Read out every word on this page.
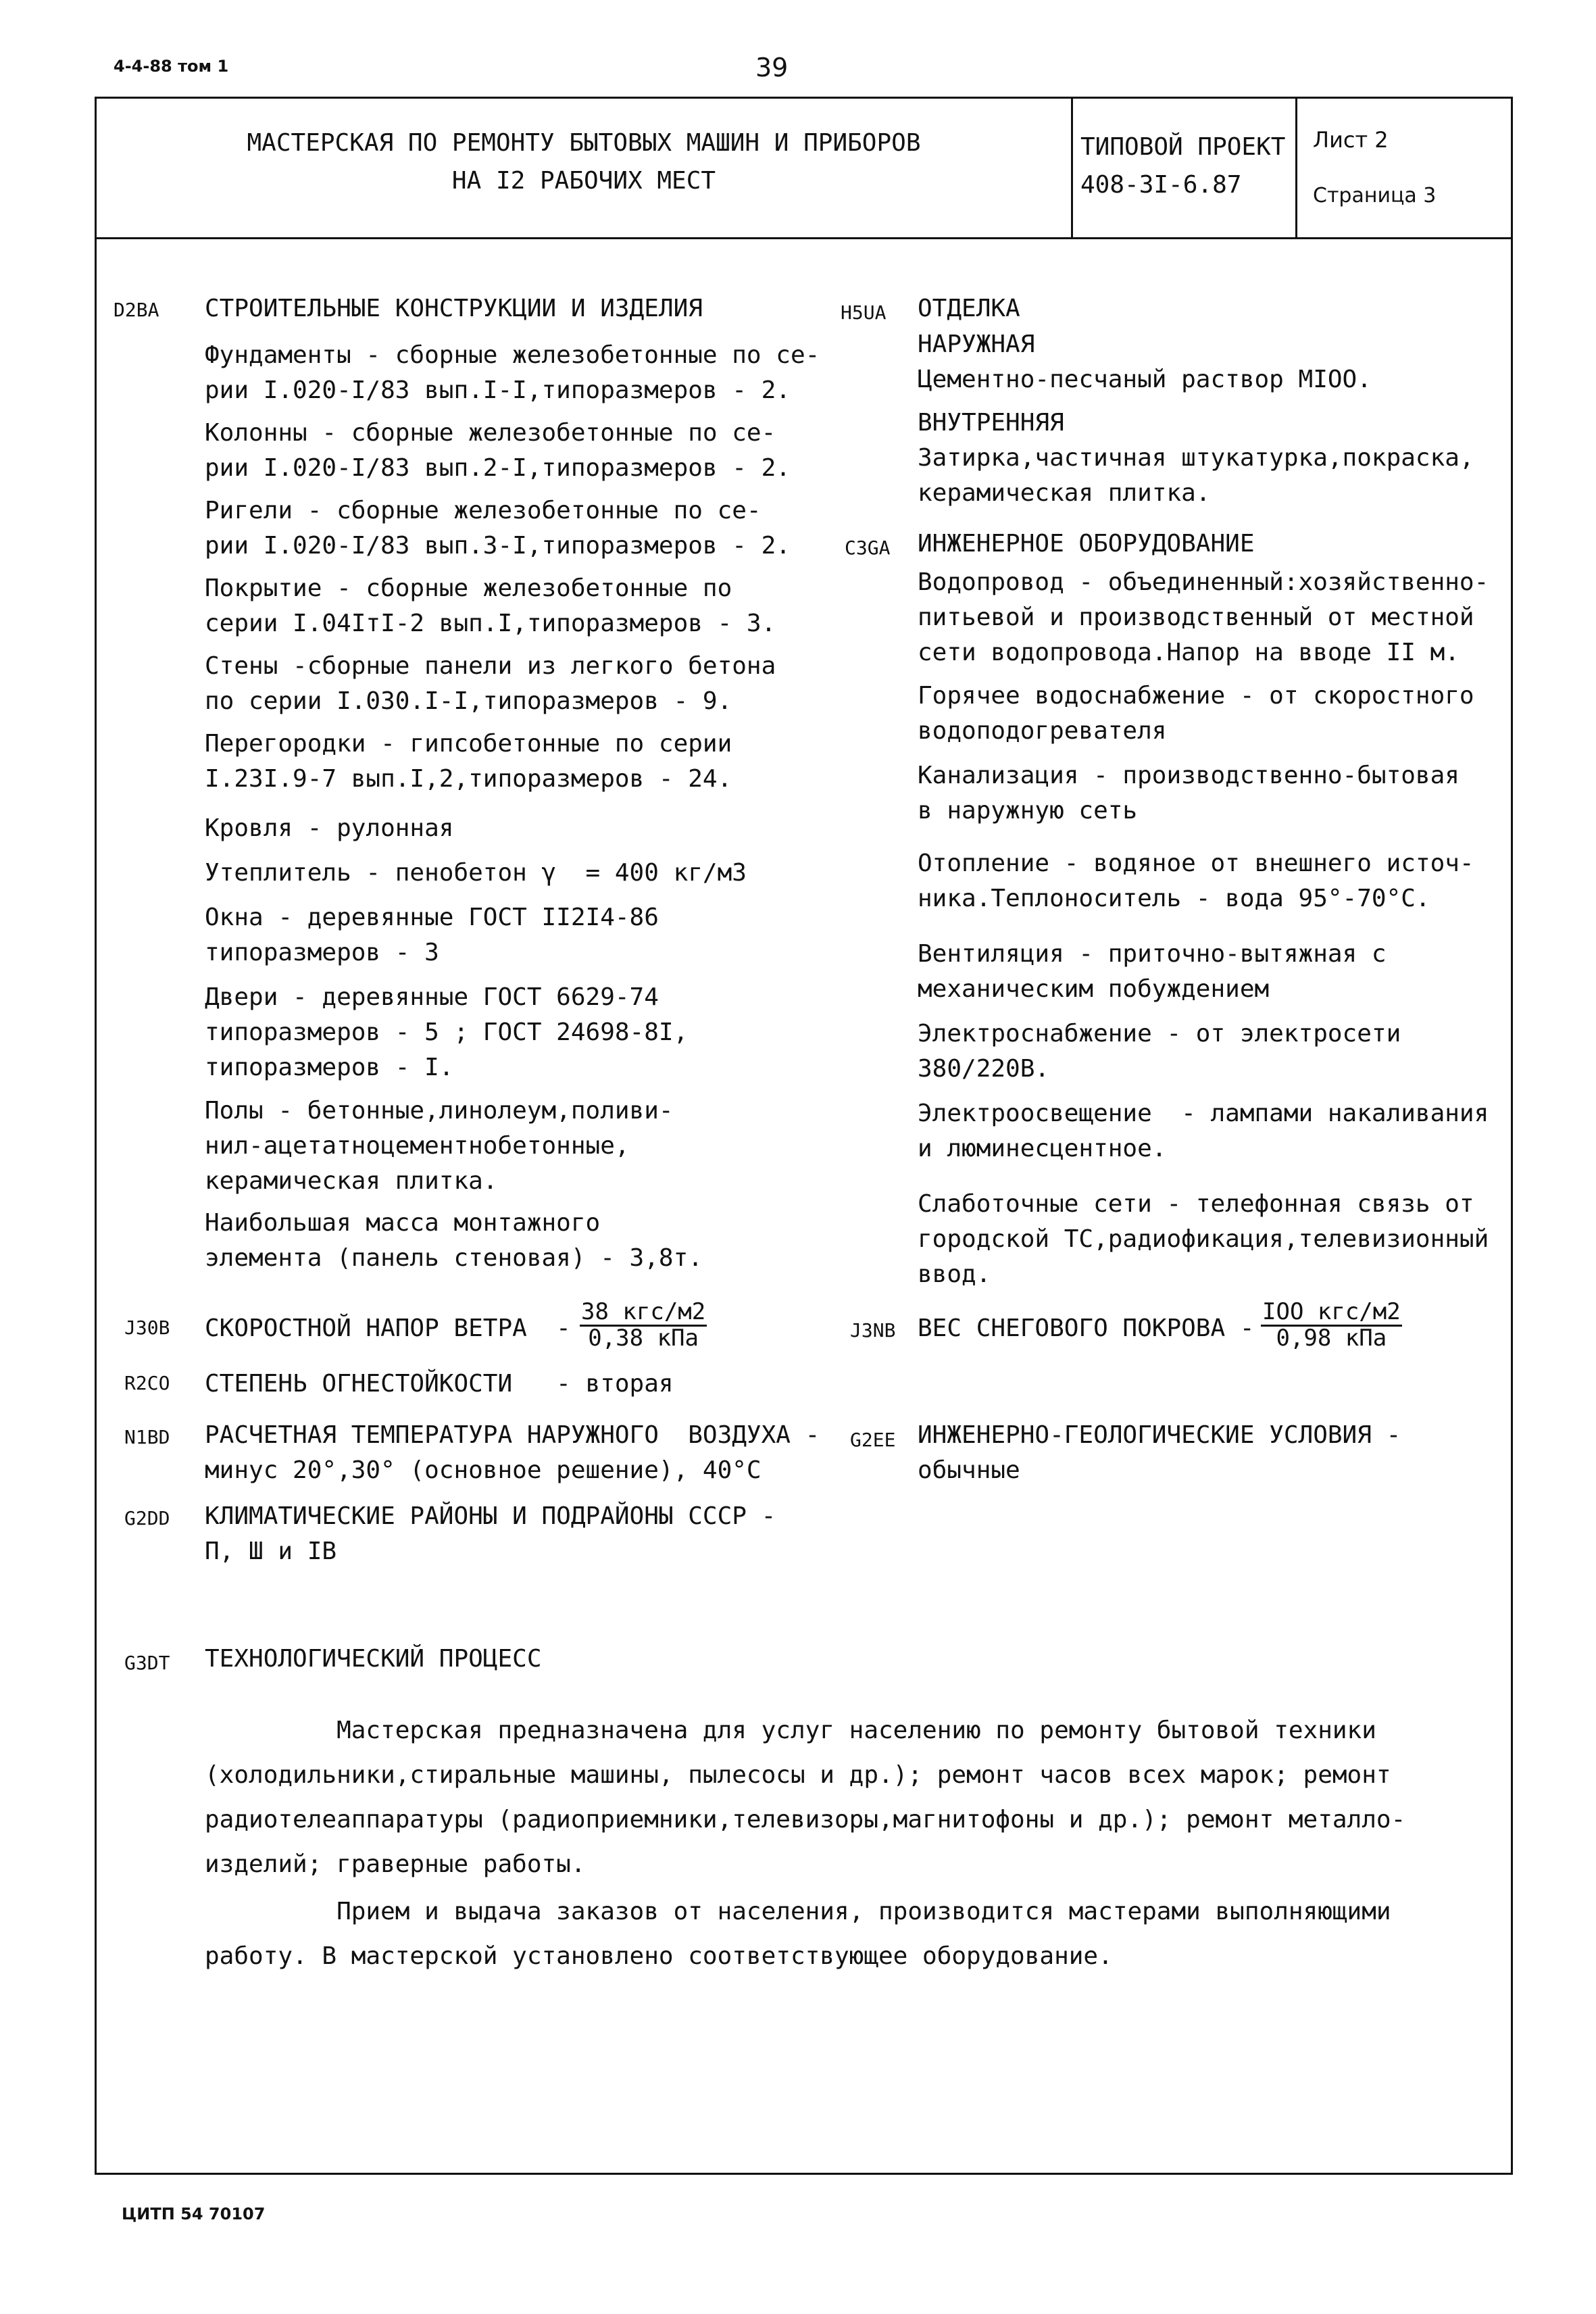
4-4-88 том 1	39
МАСТЕРСКАЯ ПО РЕМОНТУ БЫТОВЫХ МАШИН И ПРИБОРОВ
НА I2 РАБОЧИХ МЕСТ
ТИПОВОЙ ПРОЕКТ
408-3I-6.87
Лист 2
Страница 3
D2BA СТРОИТЕЛЬНЫЕ КОНСТРУКЦИИ И ИЗДЕЛИЯ
Фундаменты - сборные железобетонные по се-
рии I.020-I/83 вып.I-I,типоразмеров - 2.
Колонны - сборные железобетонные по се-
рии I.020-I/83 вып.2-I,типоразмеров - 2.
Ригели - сборные железобетонные по се-
рии I.020-I/83 вып.3-I,типоразмеров - 2.
Покрытие - сборные железобетонные по
серии I.04IтI-2 вып.I,типоразмеров - 3.
Стены -сборные панели из легкого бетона
по серии I.030.I-I,типоразмеров - 9.
Перегородки - гипсобетонные по серии
I.23I.9-7 вып.I,2,типоразмеров - 24.
Кровля - рулонная
Утеплитель - пенобетон γ  = 400 кг/м3
Окна - деревянные ГОСТ II2I4-86
типоразмеров - 3
Двери - деревянные ГОСТ 6629-74
типоразмеров - 5 ; ГОСТ 24698-8I,
типоразмеров - I.
Полы - бетонные,линолеум,поливи-
нил-ацетатноцементнобетонные,
керамическая плитка.
Наибольшая масса монтажного
элемента (панель стеновая) - 3,8т.
J30B СКОРОСТНОЙ НАПОР ВЕТРА  -
38 кгс/м2
0,38 кПа
R2CO СТЕПЕНЬ ОГНЕСТОЙКОСТИ   - вторая
N1BD РАСЧЕТНАЯ ТЕМПЕРАТУРА НАРУЖНОГО  ВОЗДУХА -
минус 20°,30° (основное решение), 40°С
G2DD КЛИМАТИЧЕСКИЕ РАЙОНЫ И ПОДРАЙОНЫ СССР -
П, Ш и IВ
H5UA ОТДЕЛКА
НАРУЖНАЯ
Цементно-песчаный раствор МIОО.
ВНУТРЕННЯЯ
Затирка,частичная штукатурка,покраска,
керамическая плитка.
C3GA ИНЖЕНЕРНОЕ ОБОРУДОВАНИЕ
Водопровод - объединенный:хозяйственно-
питьевой и производственный от местной
сети водопровода.Напор на вводе II м.
Горячее водоснабжение - от скоростного
водоподогревателя
Канализация - производственно-бытовая
в наружную сеть
Отопление - водяное от внешнего источ-
ника.Теплоноситель - вода 95°-70°С.
Вентиляция - приточно-вытяжная с
механическим побуждением
Электроснабжение - от электросети
380/220В.
Электроосвещение  - лампами накаливания
и люминесцентное.
Слаботочные сети - телефонная связь от
городской ТС,радиофикация,телевизионный
ввод.
J3NB ВЕС СНЕГОВОГО ПОКРОВА -
IOO кгс/м2
0,98 кПа
G2EE ИНЖЕНЕРНО-ГЕОЛОГИЧЕСКИЕ УСЛОВИЯ -
обычные
G3DT ТЕХНОЛОГИЧЕСКИЙ ПРОЦЕСС
Мастерская предназначена для услуг населению по ремонту бытовой техники
(холодильники,стиральные машины, пылесосы и др.); ремонт часов всех марок; ремонт
радиотелеаппаратуры (радиоприемники,телевизоры,магнитофоны и др.); ремонт металло-
изделий; граверные работы.
Прием и выдача заказов от населения, производится мастерами выполняющими
работу. В мастерской установлено соответствующее оборудование.
ЦИТП 54 70107
